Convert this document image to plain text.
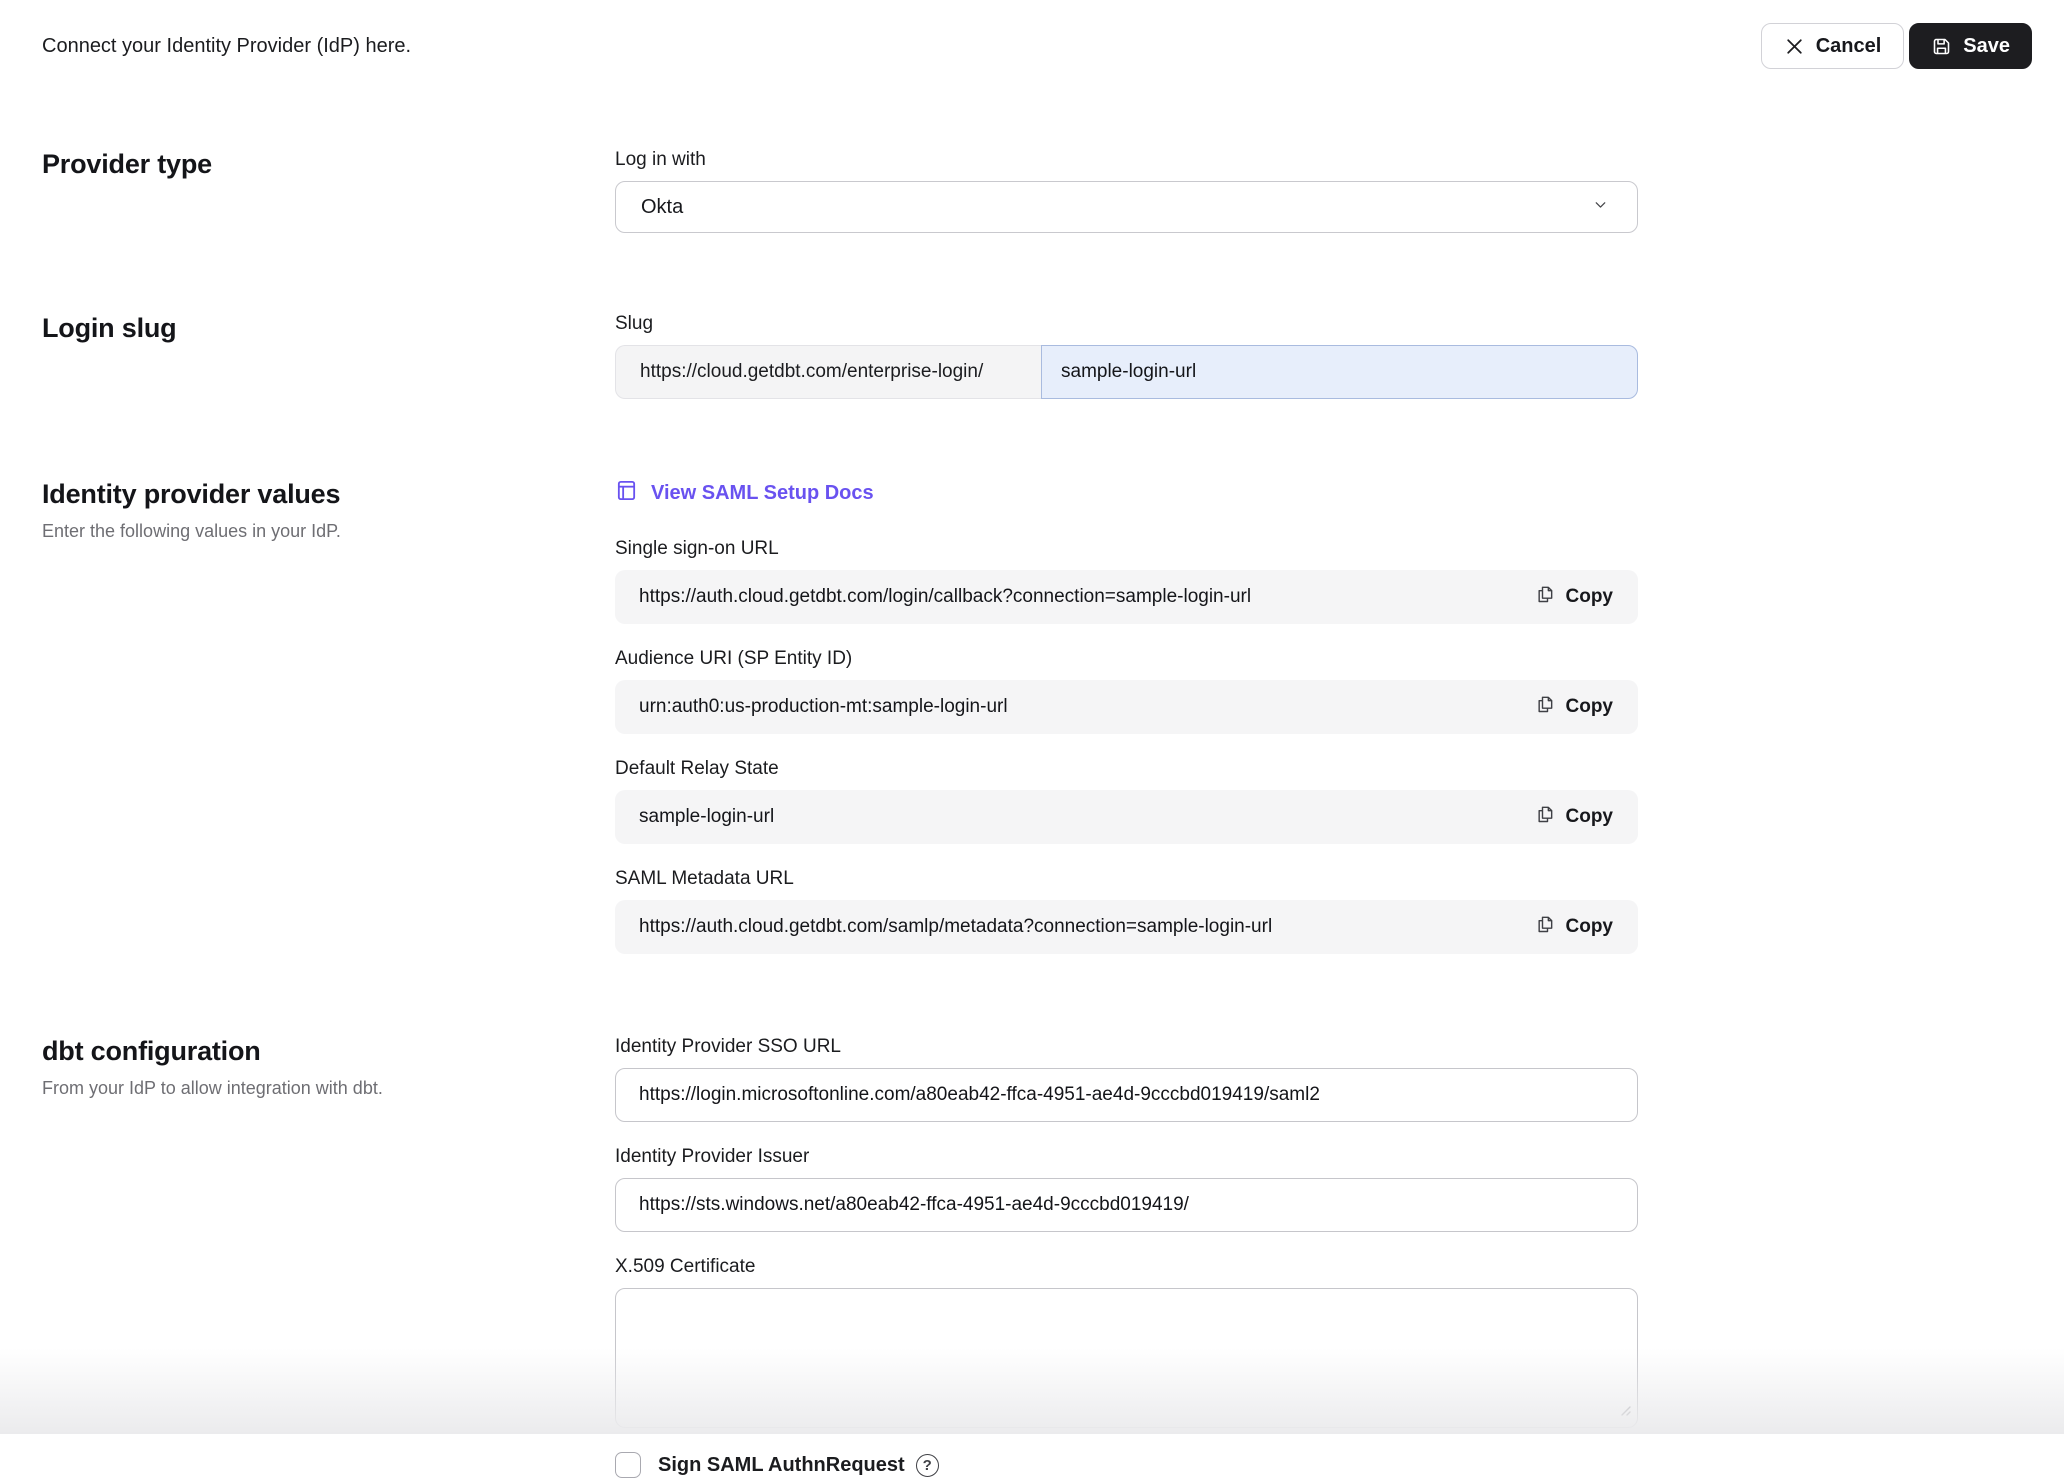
Connect your Identity Provider (IdP) here.	Cancel	Save
Provider type	Log in with
Okta
Login slug	Slug
https://cloud.getdbt.com/enterprise-login/
sample-login-url
Identity provider values
Enter the following values in your IdP.
View SAML Setup Docs
Single sign-on URL
https://auth.cloud.getdbt.com/login/callback?connection=sample-login-url	Copy
Audience URI (SP Entity ID)
urn:auth0:us-production-mt:sample-login-url	Copy
Default Relay State
sample-login-url	Copy
SAML Metadata URL
https://auth.cloud.getdbt.com/samlp/metadata?connection=sample-login-url	Copy
dbt configuration
From your IdP to allow integration with dbt.
Identity Provider SSO URL
https://login.microsoftonline.com/a80eab42-ffca-4951-ae4d-9cccbd019419/saml2
Identity Provider Issuer
https://sts.windows.net/a80eab42-ffca-4951-ae4d-9cccbd019419/
X.509 Certificate
Sign SAML AuthnRequest	?
